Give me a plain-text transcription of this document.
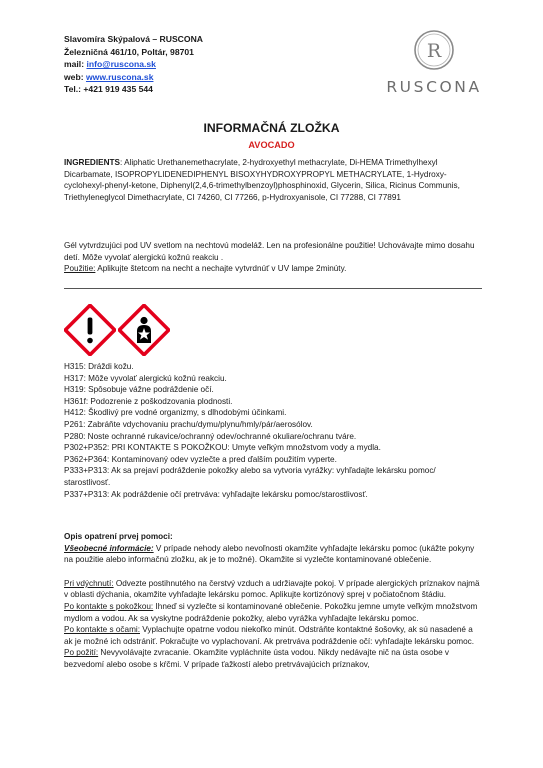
Slavomíra Skýpalová – RUSCONA
Železničná 461/10, Poltár, 98701
mail: info@ruscona.sk
web: www.ruscona.sk
Tel.: +421 919 435 544
R
RUSCONA
INFORMAČNÁ ZLOŽKA
AVOCADO
INGREDIENTS: Aliphatic Urethanemethacrylate, 2-hydroxyethyl methacrylate, Di-HEMA Trimethylhexyl Dicarbamate, ISOPROPYLIDENEDIPHENYL BISOXYHYDROXYPROPYL METHACRYLATE, 1-Hydroxy-cyclohexyl-phenyl-ketone, Diphenyl(2,4,6-trimethylbenzoyl)phosphinoxid, Glycerin, Silica, Ricinus Communis, Triethyleneglycol Dimethacrylate, CI 74260, CI 77266, p-Hydroxyanisole, CI 77288, CI 77891

Gél vytvrdzujúci pod UV svetlom na nechtovú modeláž. Len na profesionálne použitie! Uchovávajte mimo dosahu detí. Môže vyvolať alergickú kožnú reakciu .

Použitie: Aplikujte štetcom na necht a nechajte vytvrdnúť v UV lampe 2minúty.

H315: Dráždi kožu.
H317: Môže vyvolať alergickú kožnú reakciu.
H319: Spôsobuje vážne podráždenie očí.
H361f: Podozrenie z poškodzovania plodnosti.
H412: Škodlivý pre vodné organizmy, s dlhodobými účinkami.
P261: Zabráňte vdychovaniu prachu/dymu/plynu/hmly/pár/aerosólov.
P280: Noste ochranné rukavice/ochranný odev/ochranné okuliare/ochranu tváre.
P302+P352: PRI KONTAKTE S POKOŽKOU: Umyte veľkým množstvom vody a mydla.
P362+P364: Kontaminovaný odev vyzlečte a pred ďalším použitím vyperte.
P333+P313: Ak sa prejaví podráždenie pokožky alebo sa vytvoria vyrážky: vyhľadajte lekársku pomoc/ starostlivosť.
P337+P313: Ak podráždenie očí pretrváva: vyhľadajte lekársku pomoc/starostlivosť.

Opis opatrení prvej pomoci:

Všeobecné informácie: V prípade nehody alebo nevoľnosti okamžite vyhľadajte lekársku pomoc (ukážte pokyny na použitie alebo informačnú zložku, ak je to možné). Okamžite si vyzlečte kontaminované oblečenie.

Pri vdýchnutí: Odvezte postihnutého na čerstvý vzduch a udržiavajte pokoj. V prípade alergických príznakov najmä v oblasti dýchania, okamžite vyhľadajte lekársku pomoc. Aplikujte kortizónový sprej v počiatočnom štádiu.

Po kontakte s pokožkou: Ihneď si vyzlečte si kontaminované oblečenie. Pokožku jemne umyte veľkým množstvom mydlom a vodou. Ak sa vyskytne podráždenie pokožky, alebo vyrážka vyhľadajte lekársku pomoc.

Po kontakte s očami: Vyplachujte opatrne vodou niekoľko minút. Odstráňte kontaktné šošovky, ak sú nasadené a ak je možné ich odstrániť. Pokračujte vo vyplachovaní. Ak pretrváva podráždenie očí: vyhľadajte lekársku pomoc.

Po požití: Nevyvolávajte zvracanie. Okamžite vypláchnite ústa vodou. Nikdy nedávajte nič na ústa osobe v bezvedomí alebo osobe s kŕčmi. V prípade ťažkostí alebo pretrvávajúcich príznakov,
